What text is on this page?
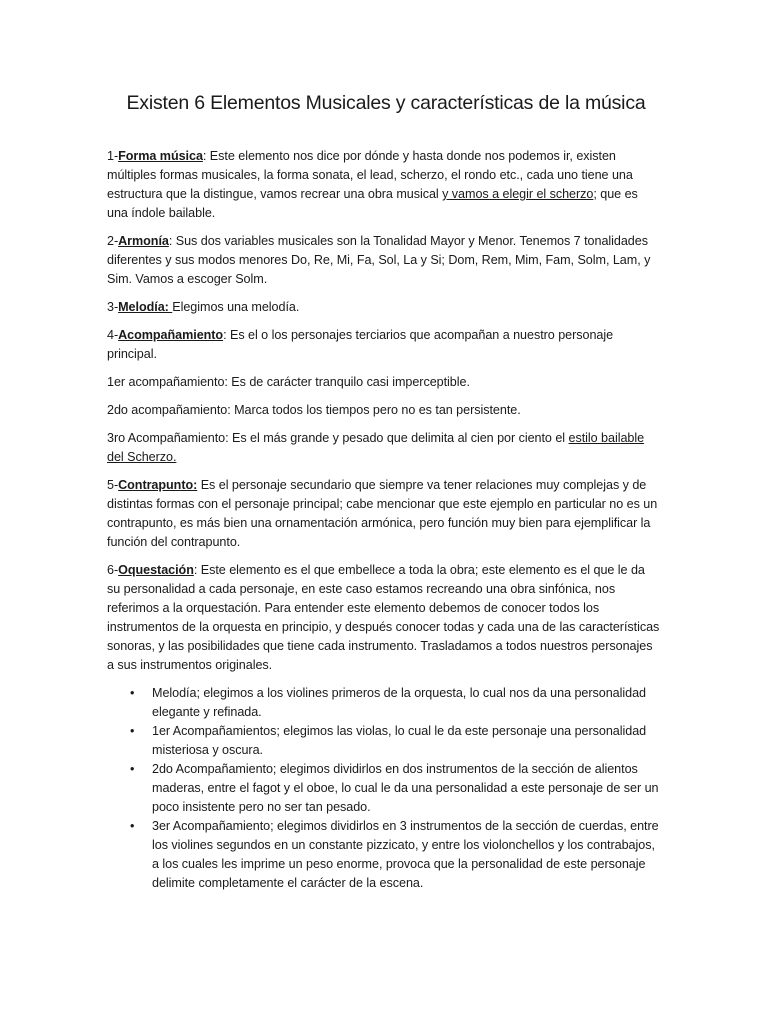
Existen 6 Elementos Musicales y características de la música

1-Forma música: Este elemento nos dice por dónde y hasta donde nos podemos ir, existen múltiples formas musicales, la forma sonata, el lead, scherzo, el rondo etc., cada uno tiene una estructura que la distingue, vamos recrear una obra musical y vamos a elegir el scherzo; que es una índole bailable.

2-Armonía: Sus dos variables musicales son la Tonalidad Mayor y Menor. Tenemos 7 tonalidades diferentes y sus modos menores Do, Re, Mi, Fa, Sol, La y Si; Dom, Rem, Mim, Fam, Solm, Lam, y Sim. Vamos a escoger Solm.

3-Melodía: Elegimos una melodía.

4-Acompañamiento: Es el o los personajes terciarios que acompañan a nuestro personaje principal.

1er acompañamiento: Es de carácter tranquilo casi imperceptible.

2do acompañamiento: Marca todos los tiempos pero no es tan persistente.

3ro Acompañamiento: Es el más grande y pesado que delimita al cien por ciento el estilo bailable del Scherzo.

5-Contrapunto: Es el personaje secundario que siempre va tener relaciones muy complejas y de distintas formas con el personaje principal; cabe mencionar que este ejemplo en particular no es un contrapunto, es más bien una ornamentación armónica, pero función muy bien para ejemplificar la función del contrapunto.

6-Oquestación: Este elemento es el que embellece a toda la obra; este elemento es el que le da su personalidad a cada personaje, en este caso estamos recreando una obra sinfónica, nos referimos a la orquestación. Para entender este elemento debemos de conocer todos los instrumentos de la orquesta en principio, y después conocer todas y cada una de las características sonoras, y las posibilidades que tiene cada instrumento. Trasladamos a todos nuestros personajes a sus instrumentos originales.

• Melodía; elegimos a los violines primeros de la orquesta, lo cual nos da una personalidad elegante y refinada.
• 1er Acompañamientos; elegimos las violas, lo cual le da este personaje una personalidad misteriosa y oscura.
• 2do Acompañamiento; elegimos dividirlos en dos instrumentos de la sección de alientos maderas, entre el fagot y el oboe, lo cual le da una personalidad a este personaje de ser un poco insistente pero no ser tan pesado.
• 3er Acompañamiento; elegimos dividirlos en 3 instrumentos de la sección de cuerdas, entre los violines segundos en un constante pizzicato, y entre los violonchellos y los contrabajos, a los cuales les imprime un peso enorme, provoca que la personalidad de este personaje delimite completamente el carácter de la escena.
